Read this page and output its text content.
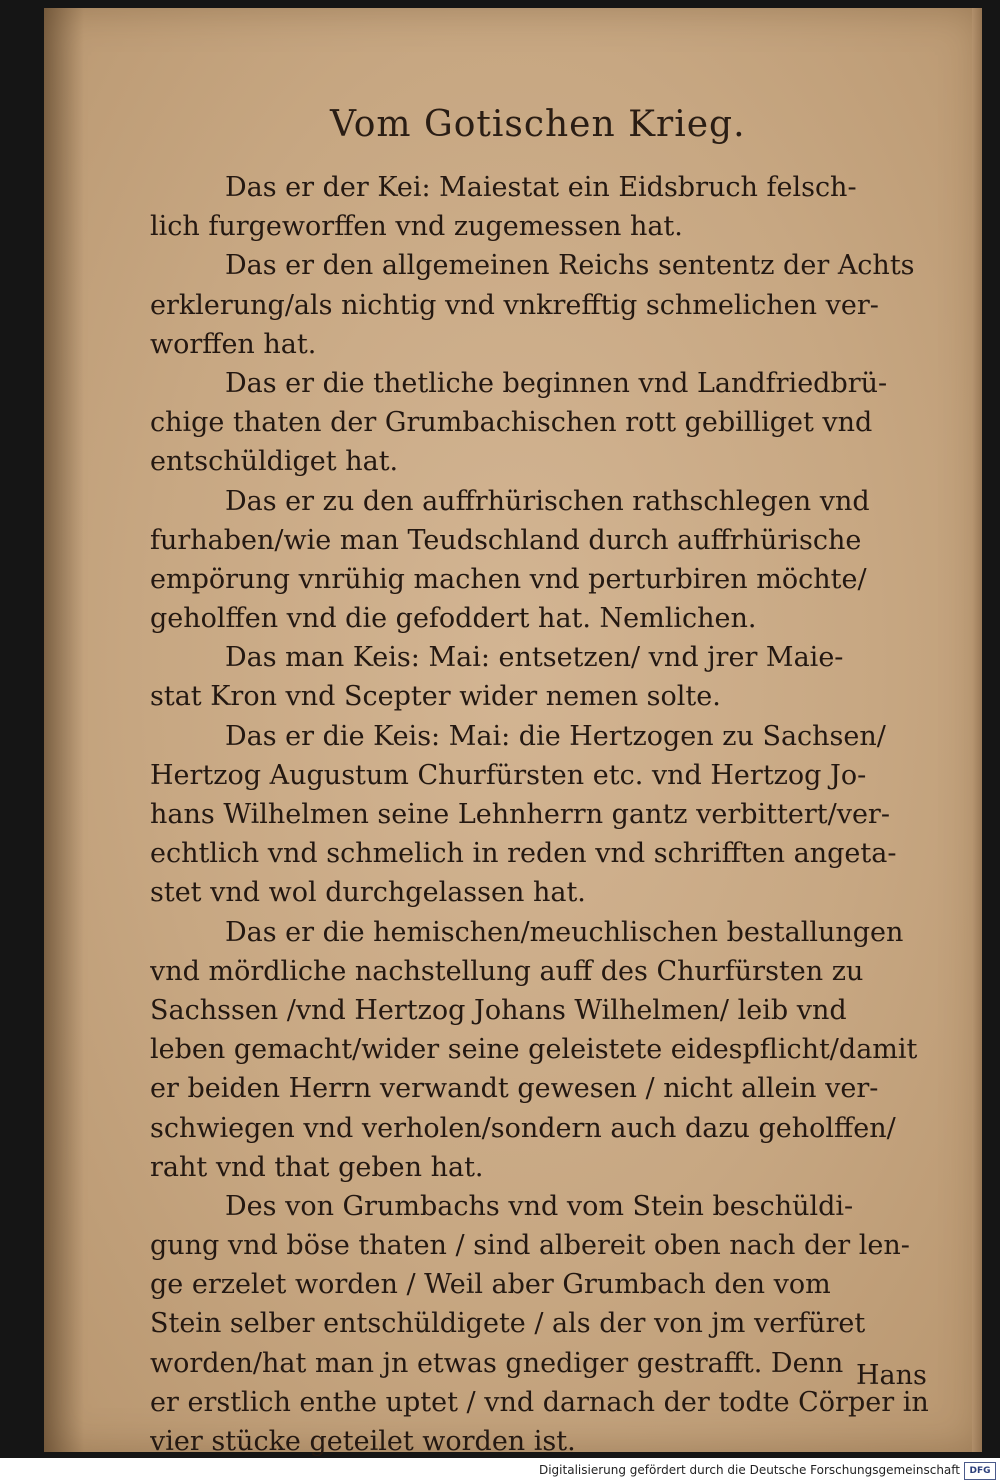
Vom Gotischen Krieg.
Das er der Kei: Maiestat ein Eidsbruch felsch-
lich furgeworffen vnd zugemessen hat.
Das er den allgemeinen Reichs sententz der Achts
erklerung/als nichtig vnd vnkrefftig schmelichen ver-
worffen hat.
Das er die thetliche beginnen vnd Landfriedbrü-
chige thaten der Grumbachischen rott gebilliget vnd
entschüldiget hat.
Das er zu den auffrhürischen rathschlegen vnd
furhaben/wie man Teudschland durch auffrhürische
empörung vnrühig machen vnd perturbiren möchte/
geholffen vnd die gefoddert hat. Nemlichen.
Das man Keis: Mai: entsetzen/ vnd jrer Maie-
stat Kron vnd Scepter wider nemen solte.
Das er die Keis: Mai: die Hertzogen zu Sachsen/
Hertzog Augustum Churfürsten etc. vnd Hertzog Jo-
hans Wilhelmen seine Lehnherrn gantz verbittert/ver-
echtlich vnd schmelich in reden vnd schrifften angeta-
stet vnd wol durchgelassen hat.
Das er die hemischen/meuchlischen bestallungen
vnd mördliche nachstellung auff des Churfürsten zu
Sachssen /vnd Hertzog Johans Wilhelmen/ leib vnd
leben gemacht/wider seine geleistete eidespflicht/damit
er beiden Herrn verwandt gewesen / nicht allein ver-
schwiegen vnd verholen/sondern auch dazu geholffen/
raht vnd that geben hat.
Des von Grumbachs vnd vom Stein beschüldi-
gung vnd böse thaten / sind albereit oben nach der len-
ge erzelet worden / Weil aber Grumbach den vom
Stein selber entschüldigete / als der von jm verfüret
worden/hat man jn etwas gnediger gestrafft. Denn
er erstlich enthe uptet / vnd darnach der todte Cörper in
vier stücke geteilet worden ist.
Hans
Digitalisierung gefördert durch die Deutsche Forschungsgemeinschaft	DFG
